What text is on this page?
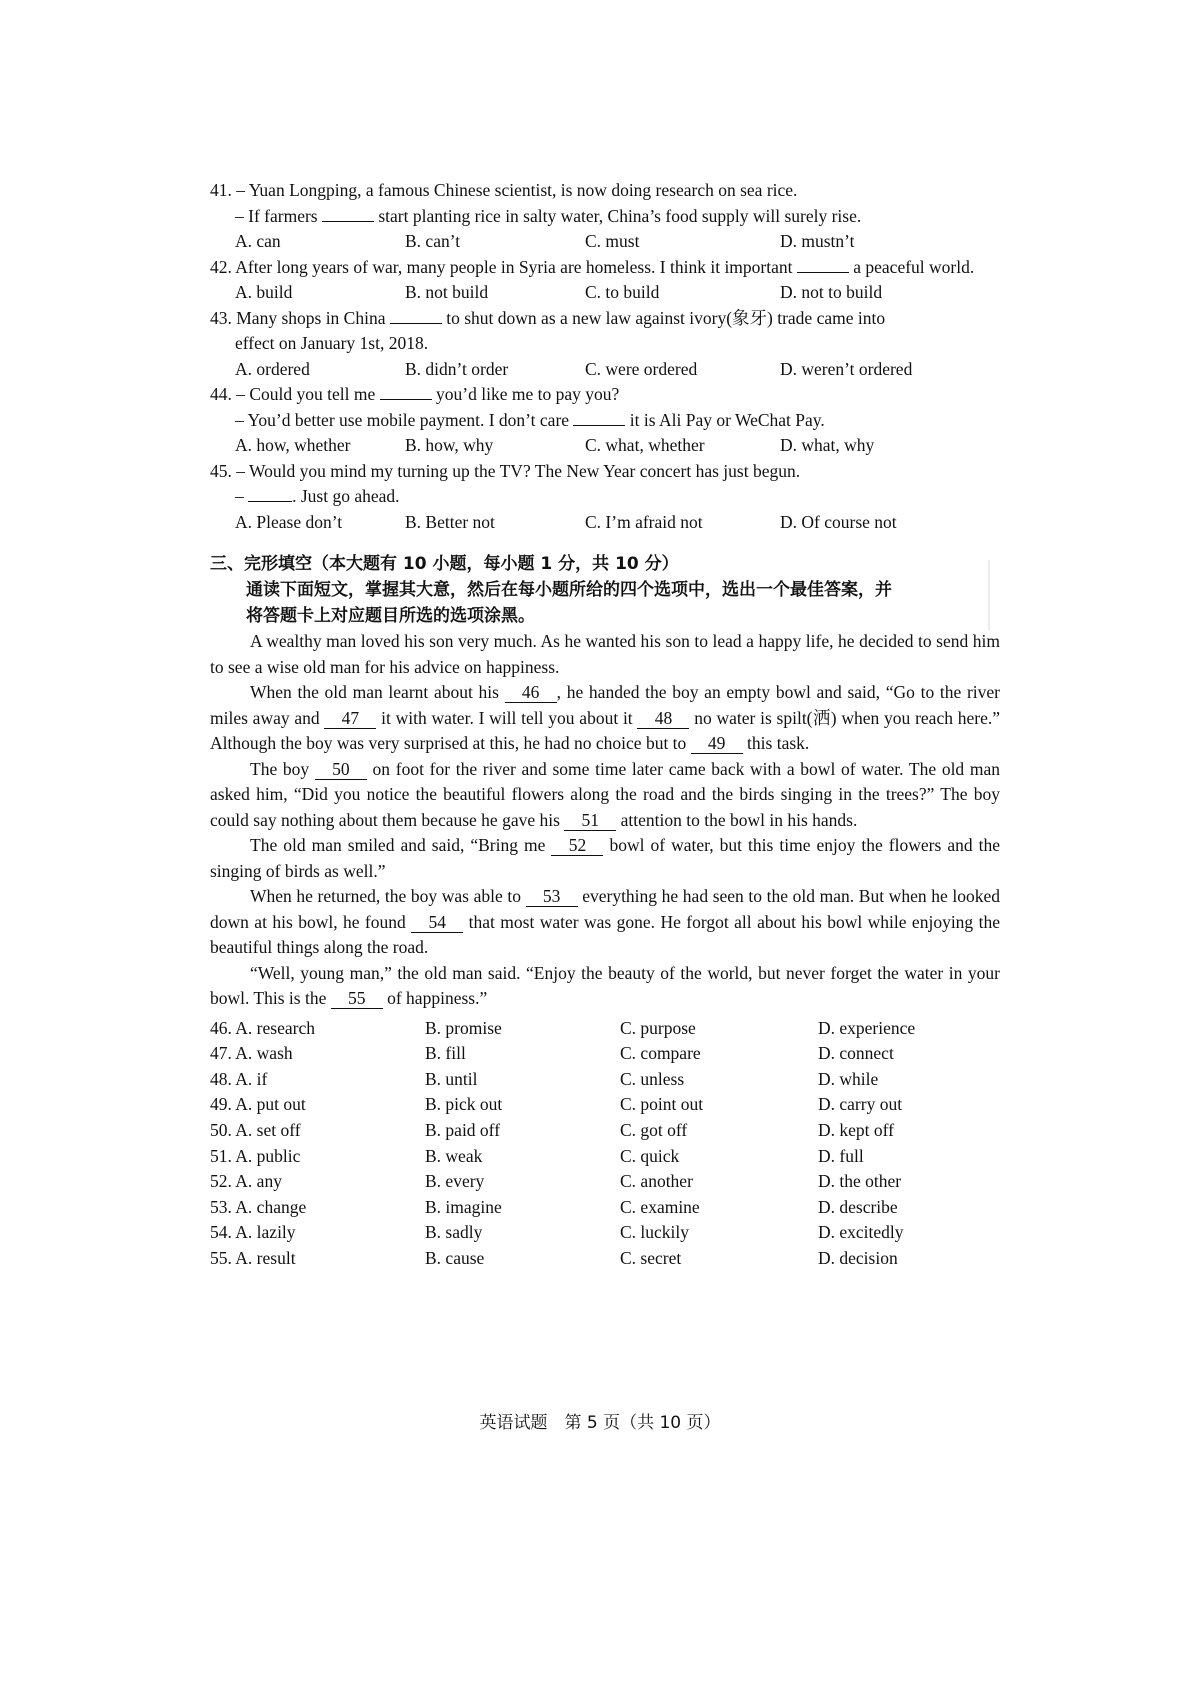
41. – Yuan Longping, a famous Chinese scientist, is now doing research on sea rice.
– If farmers	start planting rice in salty water, China’s food supply will surely rise.
A. can	B. can’t	C. must	D. mustn’t
42. After long years of war, many people in Syria are homeless. I think it important	a peaceful world.
A. build	B. not build	C. to build	D. not to build
43. Many shops in China	to shut down as a new law against ivory(象牙) trade came into
effect on January 1st, 2018.
A. ordered	B. didn’t order	C. were ordered	D. weren’t ordered
44. – Could you tell me	you’d like me to pay you?
– You’d better use mobile payment. I don’t care	it is Ali Pay or WeChat Pay.
A. how, whether	B. how, why	C. what, whether	D. what, why
45. – Would you mind my turning up the TV? The New Year concert has just begun.
–	. Just go ahead.
A. Please don’t	B. Better not	C. I’m afraid not	D. Of course not
三、完形填空（本大题有 10 小题，每小题 1 分，共 10 分）
通读下面短文，掌握其大意，然后在每小题所给的四个选项中，选出一个最佳答案，并
将答题卡上对应题目所选的选项涂黑。

A wealthy man loved his son very much. As he wanted his son to lead a happy life, he decided to send him to see a wise old man for his advice on happiness.

When the old man learnt about his 46 , he handed the boy an empty bowl and said, “Go to the river miles away and 47 it with water. I will tell you about it 48 no water is spilt(洒) when you reach here.” Although the boy was very surprised at this, he had no choice but to 49 this task.

The boy 50 on foot for the river and some time later came back with a bowl of water. The old man asked him, “Did you notice the beautiful flowers along the road and the birds singing in the trees?” The boy could say nothing about them because he gave his 51 attention to the bowl in his hands.

The old man smiled and said, “Bring me 52 bowl of water, but this time enjoy the flowers and the singing of birds as well.”

When he returned, the boy was able to 53 everything he had seen to the old man. But when he looked down at his bowl, he found 54 that most water was gone. He forgot all about his bowl while enjoying the beautiful things along the road.

“Well, young man,” the old man said. “Enjoy the beauty of the world, but never forget the water in your bowl. This is the 55 of happiness.”

46. A. research	B. promise	C. purpose	D. experience
47. A. wash	B. fill	C. compare	D. connect
48. A. if	B. until	C. unless	D. while
49. A. put out	B. pick out	C. point out	D. carry out
50. A. set off	B. paid off	C. got off	D. kept off
51. A. public	B. weak	C. quick	D. full
52. A. any	B. every	C. another	D. the other
53. A. change	B. imagine	C. examine	D. describe
54. A. lazily	B. sadly	C. luckily	D. excitedly
55. A. result	B. cause	C. secret	D. decision
英语试题　第 5 页（共 10 页）
